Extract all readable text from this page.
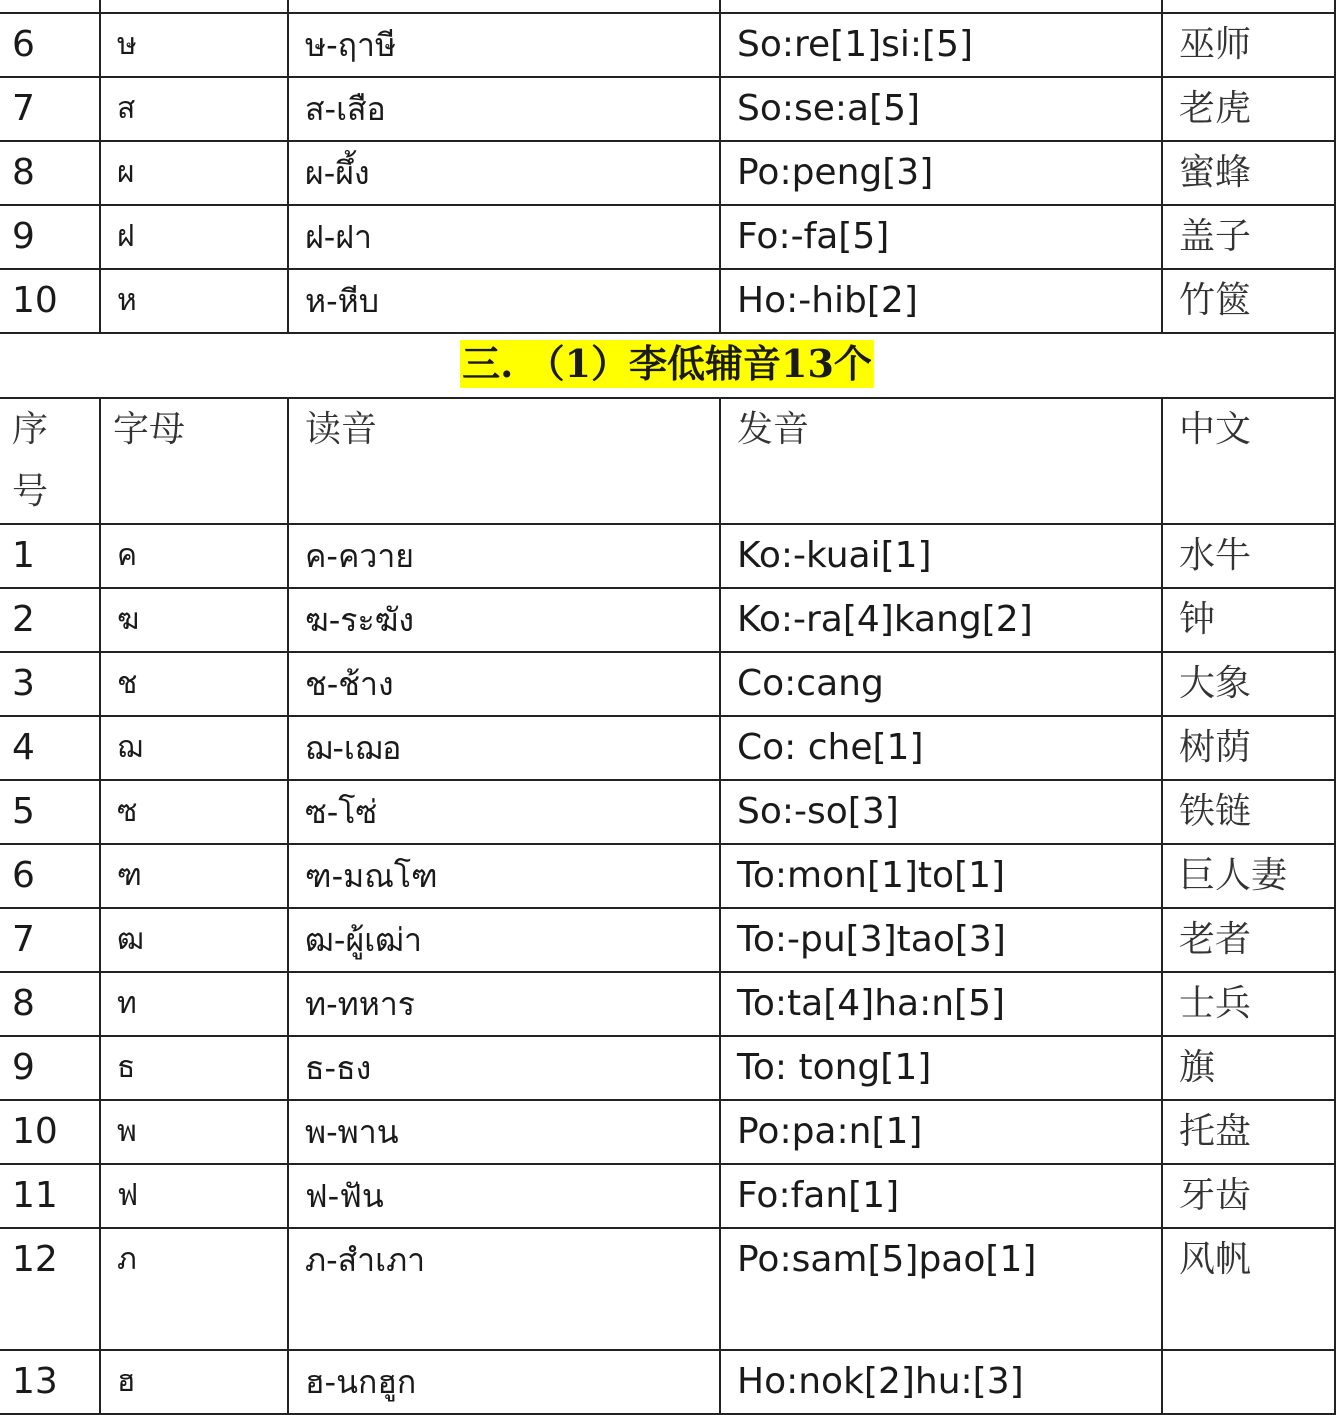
6	ษ	ษ-ฤาษี	So:re[1]si:[5]	巫师
7	ส	ส-เสือ	So:se:a[5]	老虎
8	ผ	ผ-ผึ้ง	Po:peng[3]	蜜蜂
9	ฝ	ฝ-ฝา	Fo:-fa[5]	盖子
10	ห	ห-หีบ	Ho:-hib[2]	竹篋
三. （1）李低辅音13个				
序号	字母	读音	发音	中文
1	ค	ค-ควาย	Ko:-kuai[1]	水牛
2	ฆ	ฆ-ระฆัง	Ko:-ra[4]kang[2]	钟
3	ช	ช-ช้าง	Co:cang	大象
4	ฌ	ฌ-เฌอ	Co: che[1]	树荫
5	ซ	ซ-โซ่	So:-so[3]	铁链
6	ฑ	ฑ-มณโฑ	To:mon[1]to[1]	巨人妻
7	ฒ	ฒ-ผู้เฒ่า	To:-pu[3]tao[3]	老者
8	ท	ท-ทหาร	To:ta[4]ha:n[5]	士兵
9	ธ	ธ-ธง	To: tong[1]	旗
10	พ	พ-พาน	Po:pa:n[1]	托盘
11	ฟ	ฟ-ฟัน	Fo:fan[1]	牙齿
12	ภ	ภ-สำเภา	Po:sam[5]pao[1]	风帆
13	ฮ	ฮ-นกฮูก	Ho:nok[2]hu:[3]	
